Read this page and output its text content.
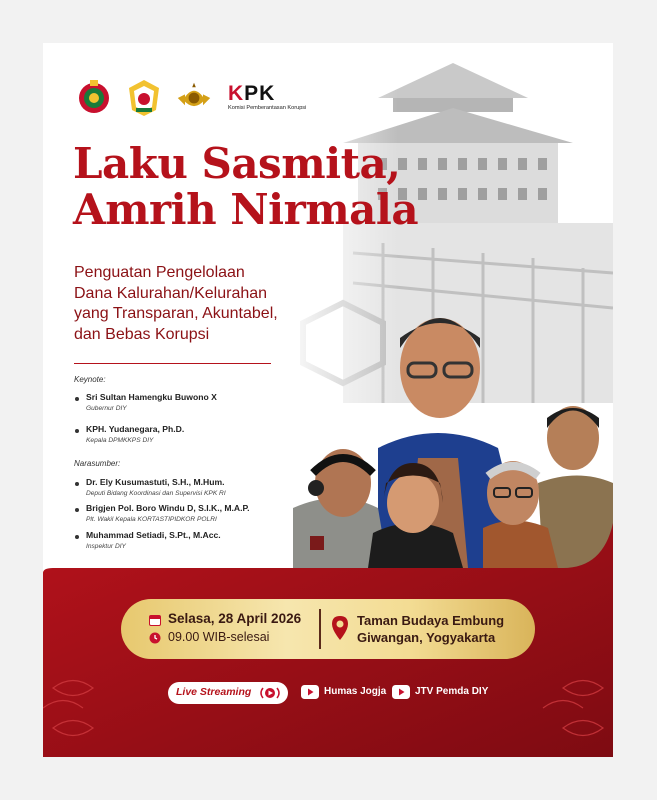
KPK
Komisi Pemberantasan Korupsi
Laku Sasmita,
Amrih Nirmala
Penguatan Pengelolaan
Dana Kalurahan/Kelurahan
yang Transparan, Akuntabel,
dan Bebas Korupsi
Keynote:
Sri Sultan Hamengku Buwono X
Gubernur DIY
KPH. Yudanegara, Ph.D.
Kepala DPMKKPS DIY
Narasumber:
Dr. Ely Kusumastuti, S.H., M.Hum.
Deputi Bidang Koordinasi dan Supervisi KPK RI
Brigjen Pol. Boro Windu D, S.I.K., M.A.P.
Plt. Wakil Kepala KORTASTIPIDKOR POLRI
Muhammad Setiadi, S.Pt., M.Acc.
Inspektur DIY
Selasa, 28 April 2026
09.00 WIB-selesai
Taman Budaya Embung
Giwangan, Yogyakarta
Live Streaming	Humas Jogja	JTV Pemda DIY
